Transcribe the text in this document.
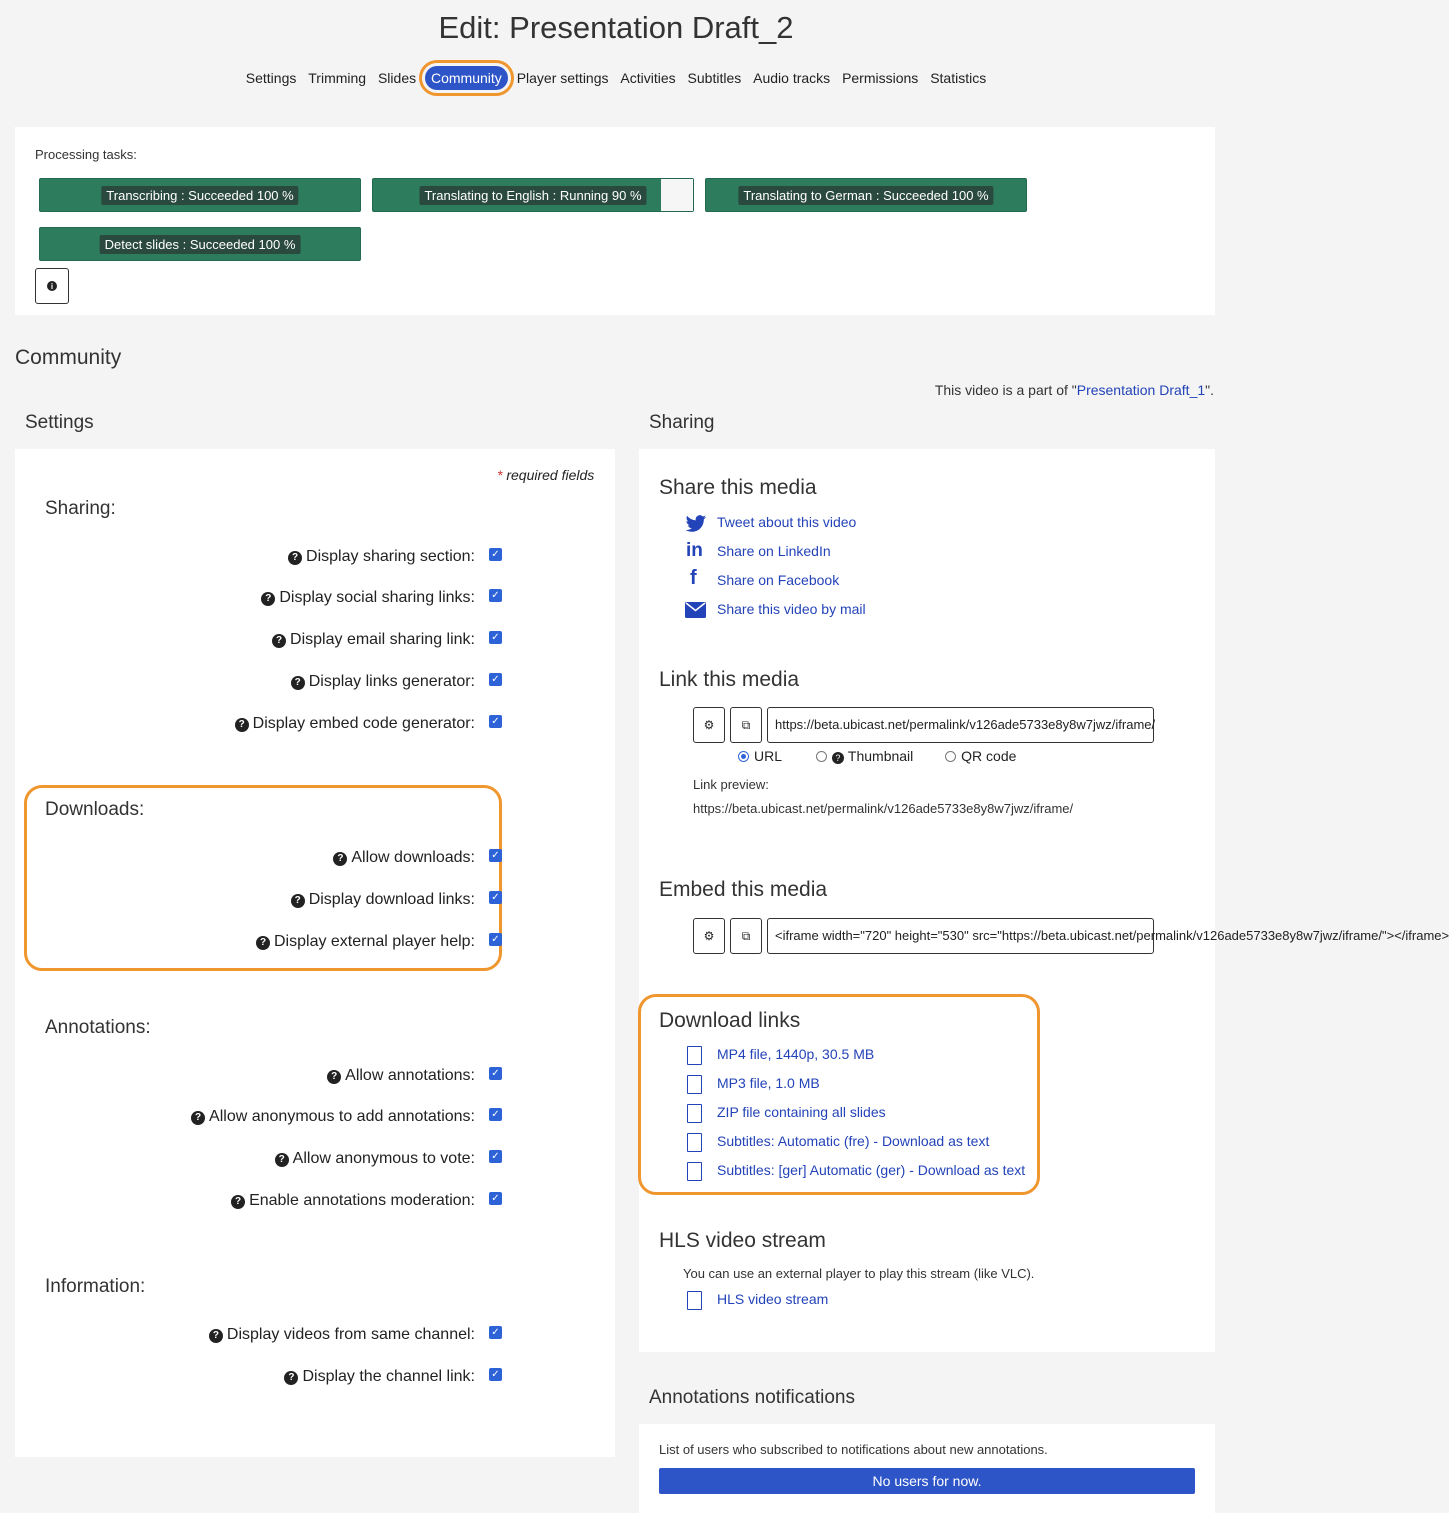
Edit: Presentation Draft_2
Settings Trimming Slides Community Player settings Activities Subtitles Audio tracks Permissions Statistics
Processing tasks:
Transcribing : Succeeded 100 %	Translating to English : Running 90 %	Translating to German : Succeeded 100 %
Detect slides : Succeeded 100 %
i
Community
This video is a part of "Presentation Draft_1".
Settings
* required fields
Sharing:
? Display sharing section: ✓
? Display social sharing links: ✓
? Display email sharing link: ✓
? Display links generator: ✓
? Display embed code generator: ✓
Downloads:
? Allow downloads: ✓
? Display download links: ✓
? Display external player help: ✓
Annotations:
? Allow annotations: ✓
? Allow anonymous to add annotations: ✓
? Allow anonymous to vote: ✓
? Enable annotations moderation: ✓
Information:
? Display videos from same channel: ✓
? Display the channel link: ✓
Sharing
Share this media
Tweet about this video
in	Share on LinkedIn
f	Share on Facebook
Share this video by mail
Link this media
⚙ ⧉	https://beta.ubicast.net/permalink/v126ade5733e8y8w7jwz/iframe/
URL	? Thumbnail	QR code
Link preview:
https://beta.ubicast.net/permalink/v126ade5733e8y8w7jwz/iframe/
Embed this media
⚙ ⧉	<iframe width="720" height="530" src="https://beta.ubicast.net/permalink/v126ade5733e8y8w7jwz/iframe/"></iframe>
Download links
MP4 file, 1440p, 30.5 MB
MP3 file, 1.0 MB
ZIP file containing all slides
Subtitles: Automatic (fre) - Download as text
Subtitles: [ger] Automatic (ger) - Download as text
HLS video stream
You can use an external player to play this stream (like VLC).
HLS video stream
Annotations notifications
List of users who subscribed to notifications about new annotations.
No users for now.
